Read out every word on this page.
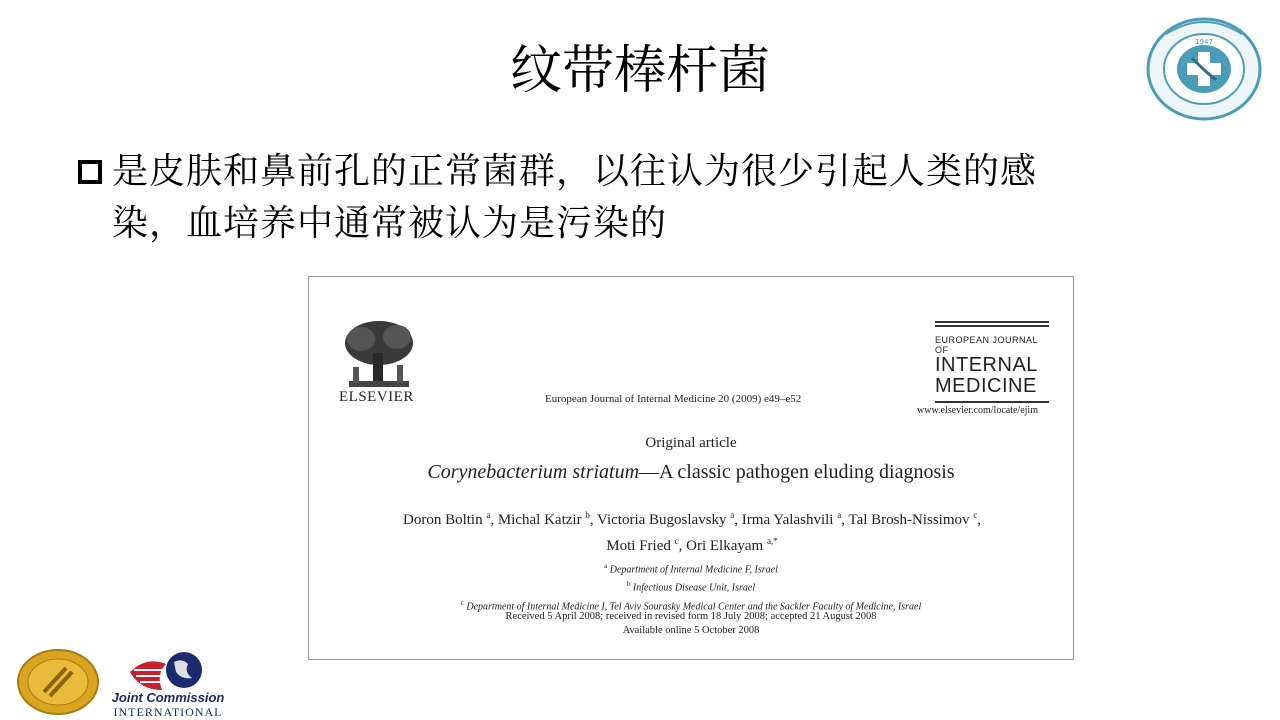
纹带棒杆菌

是皮肤和鼻前孔的正常菌群，以往认为很少引起人类的感
染，血培养中通常被认为是污染的

1947
ELSEVIER	European Journal of Internal Medicine 20 (2009) e49–e52
EUROPEAN JOURNAL OF
INTERNAL
MEDICINE
www.elsevier.com/locate/ejim
Original article
Corynebacterium striatum—A classic pathogen eluding diagnosis
Doron Boltin $^a$, Michal Katzir $^b$, Victoria Bugoslavsky $^a$, Irma Yalashvili $^a$, Tal Brosh-Nissimov $^c$,
Moti Fried $^c$, Ori Elkayam $^{a,*}$
$^a$ Department of Internal Medicine F, Israel
$^b$ Infectious Disease Unit, Israel
$^c$ Department of Internal Medicine I, Tel Aviv Sourasky Medical Center and the Sackler Faculty of Medicine, Israel
Received 5 April 2008; received in revised form 18 July 2008; accepted 21 August 2008
Available online 5 October 2008
Joint Commission
INTERNATIONAL
